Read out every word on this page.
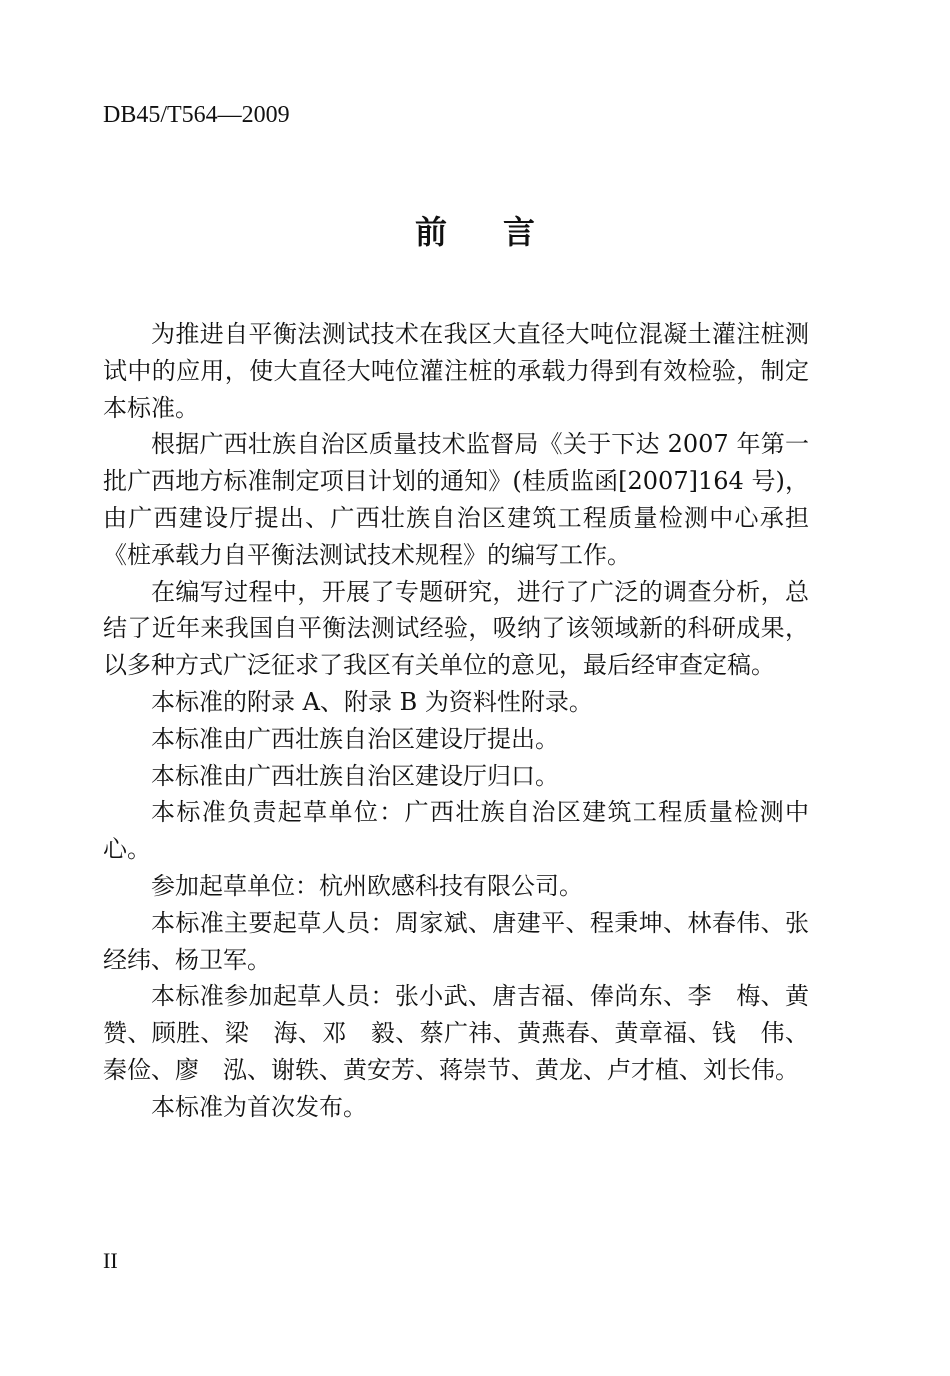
DB45/T564—2009
前言

为推进自平衡法测试技术在我区大直径大吨位混凝土灌注桩测试中的应用，使大直径大吨位灌注桩的承载力得到有效检验，制定本标准。

根据广西壮族自治区质量技术监督局《关于下达 2007 年第一批广西地方标准制定项目计划的通知》(桂质监函[2007]164 号)，由广西建设厅提出、广西壮族自治区建筑工程质量检测中心承担《桩承载力自平衡法测试技术规程》的编写工作。

在编写过程中，开展了专题研究，进行了广泛的调查分析，总结了近年来我国自平衡法测试经验，吸纳了该领域新的科研成果，以多种方式广泛征求了我区有关单位的意见，最后经审查定稿。

本标准的附录 A、附录 B 为资料性附录。

本标准由广西壮族自治区建设厅提出。

本标准由广西壮族自治区建设厅归口。

本标准负责起草单位：广西壮族自治区建筑工程质量检测中心。

参加起草单位：杭州欧感科技有限公司。

本标准主要起草人员：周家斌、唐建平、程秉坤、林春伟、张经纬、杨卫军。

本标准参加起草人员：张小武、唐吉福、俸尚东、李　梅、黄赞、顾胜、梁　海、邓　毅、蔡广祎、黄燕春、黄章福、钱　伟、秦俭、廖　泓、谢轶、黄安芳、蒋崇节、黄龙、卢才植、刘长伟。

本标准为首次发布。

II
